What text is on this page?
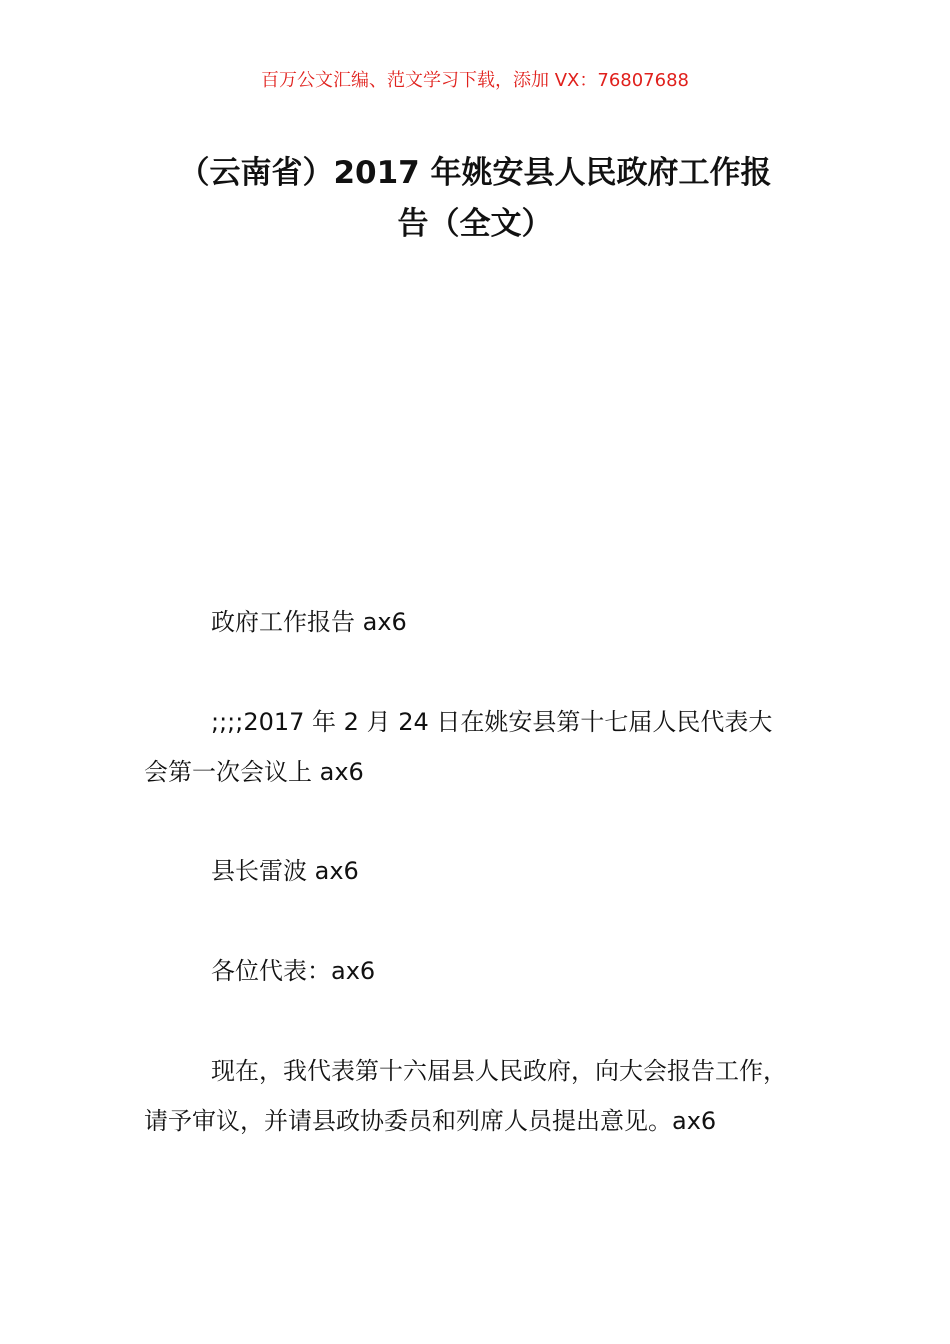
百万公文汇编、范文学习下载，添加 VX：76807688
（云南省）2017 年姚安县人民政府工作报
告（全文）
政府工作报告 ax6
;;;;2017 年 2 月 24 日在姚安县第十七届人民代表大
会第一次会议上 ax6
县长雷波 ax6
各位代表：ax6
现在，我代表第十六届县人民政府，向大会报告工作，
请予审议，并请县政协委员和列席人员提出意见。ax6
